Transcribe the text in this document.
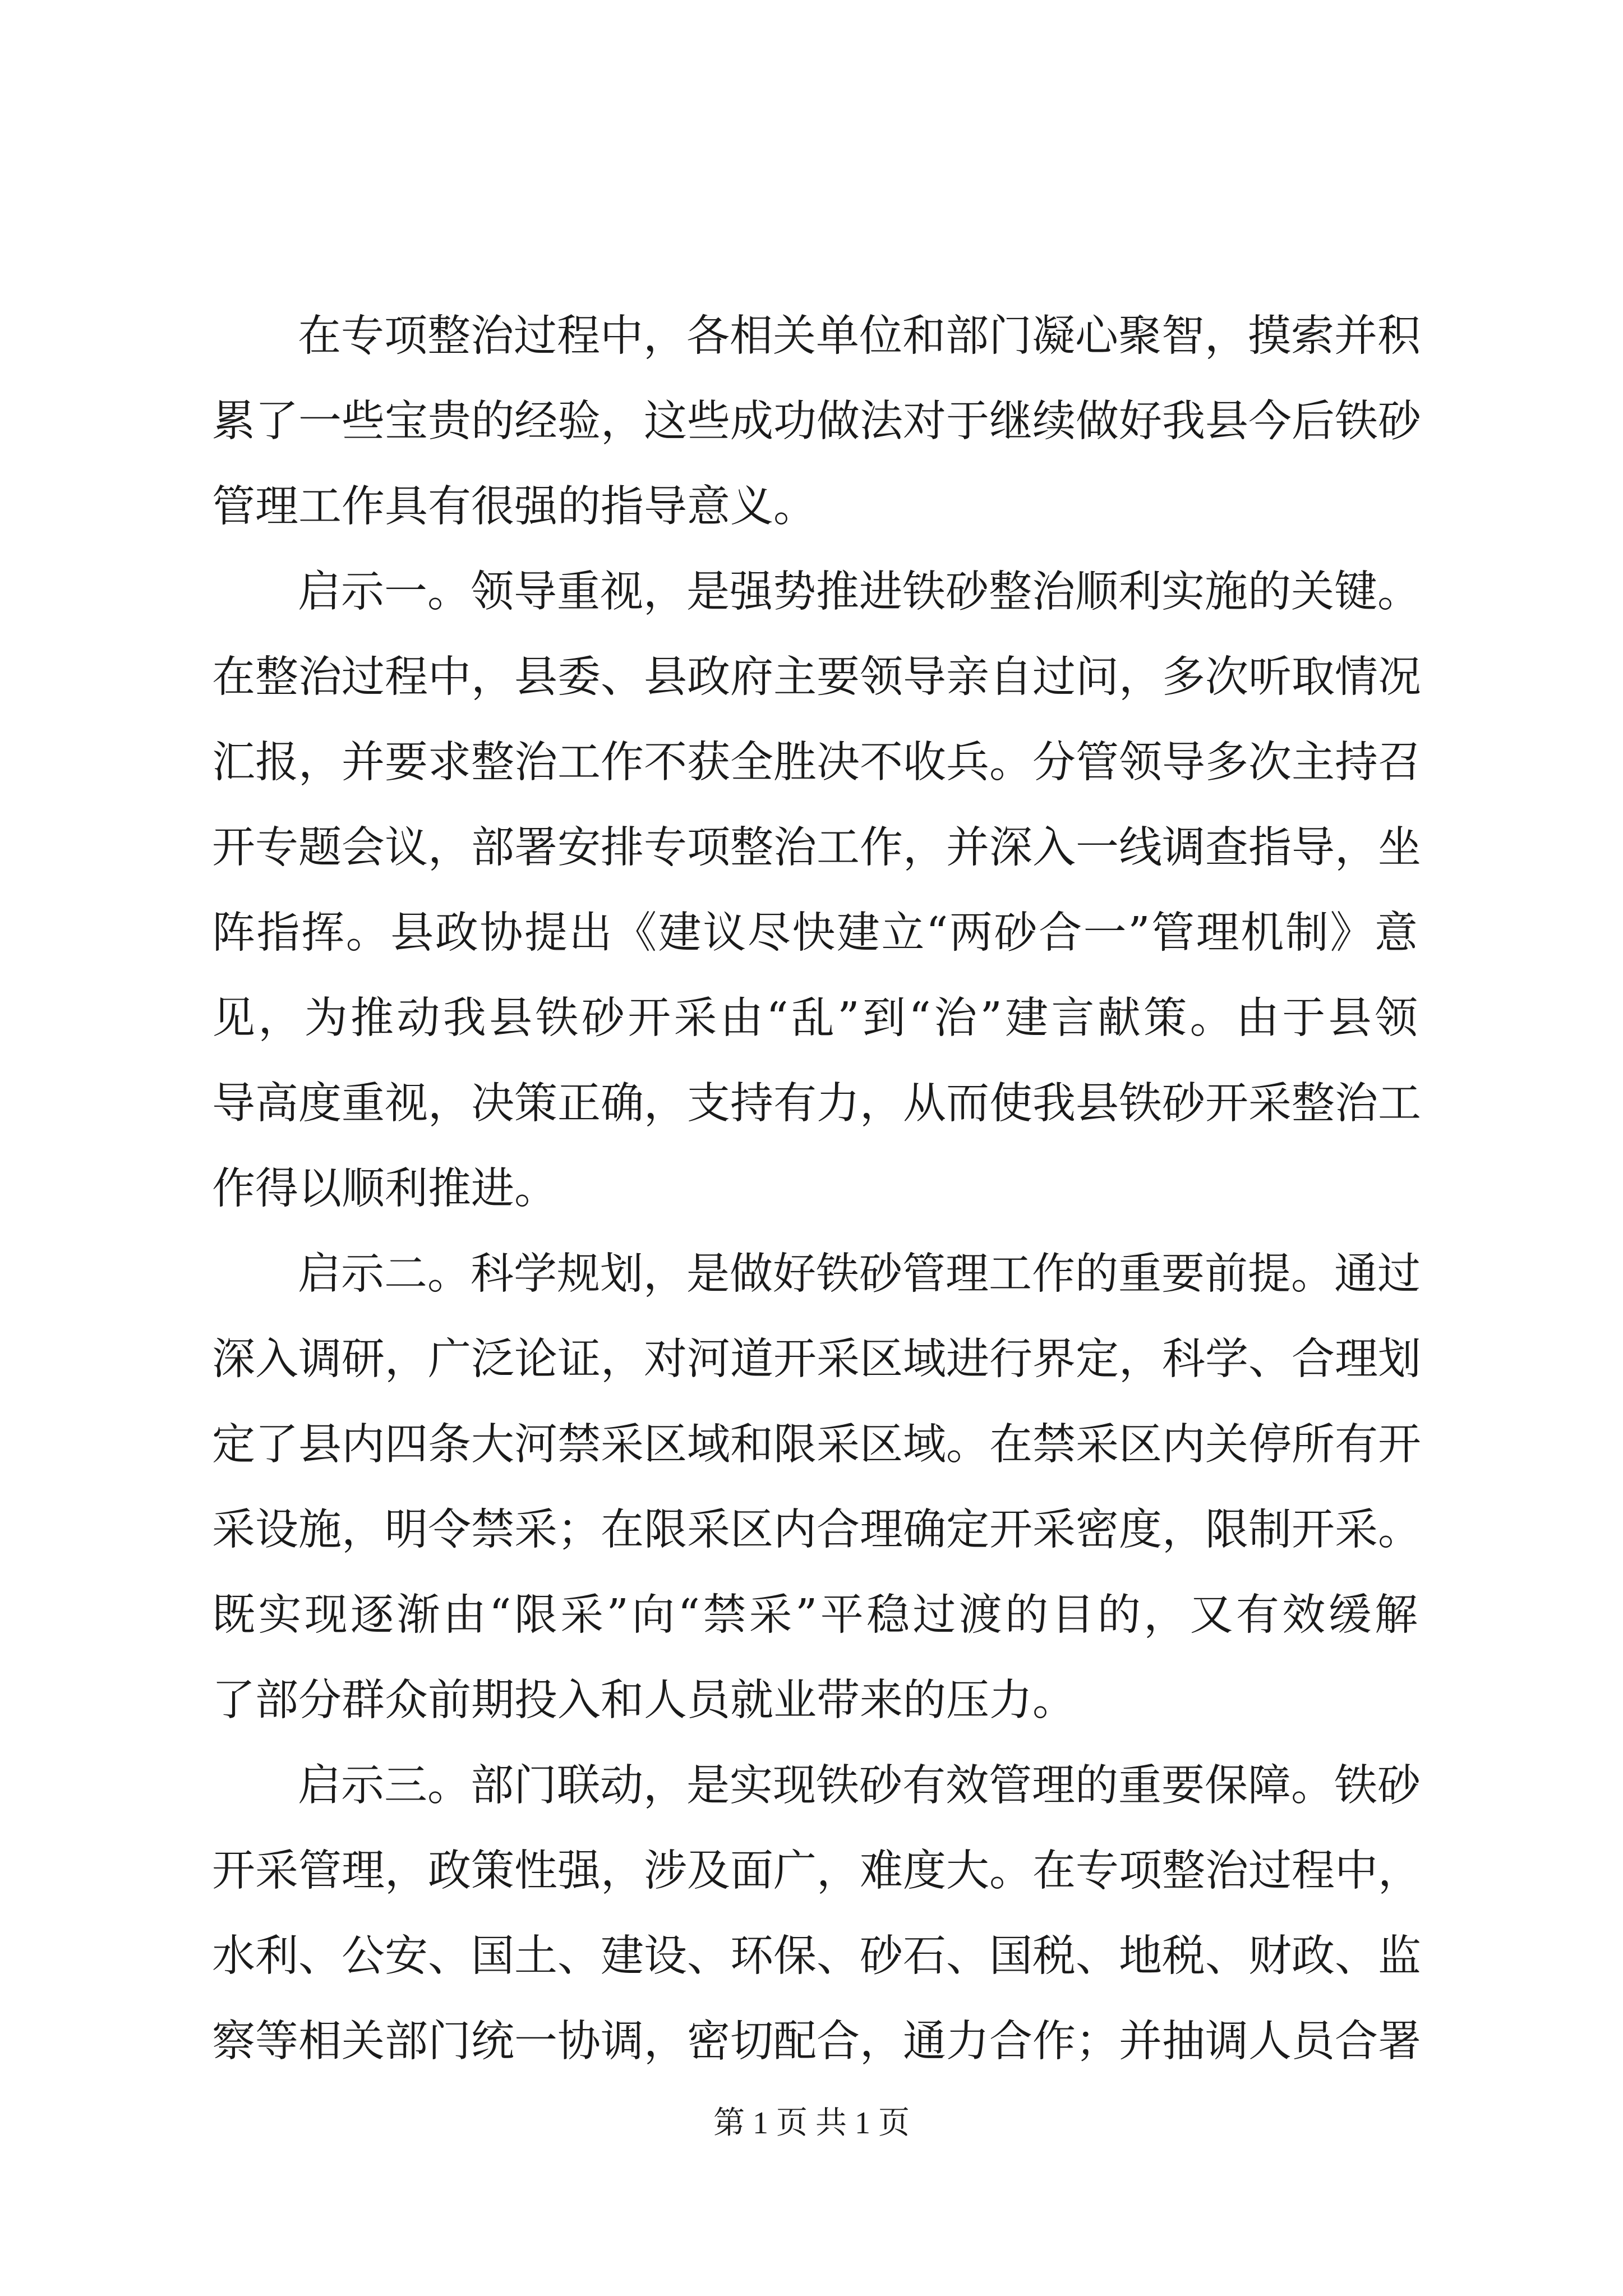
在专项整治过程中，各相关单位和部门凝心聚智，摸索并积
累了一些宝贵的经验，这些成功做法对于继续做好我县今后铁砂
管理工作具有很强的指导意义。
启示一。领导重视，是强势推进铁砂整治顺利实施的关键。
在整治过程中，县委、县政府主要领导亲自过问，多次听取情况
汇报，并要求整治工作不获全胜决不收兵。分管领导多次主持召
开专题会议，部署安排专项整治工作，并深入一线调查指导，坐
阵指挥。县政协提出《建议尽快建立“两砂合一”管理机制》意
见，为推动我县铁砂开采由“乱”到“治”建言献策。由于县领
导高度重视，决策正确，支持有力，从而使我县铁砂开采整治工
作得以顺利推进。
启示二。科学规划，是做好铁砂管理工作的重要前提。通过
深入调研，广泛论证，对河道开采区域进行界定，科学、合理划
定了县内四条大河禁采区域和限采区域。在禁采区内关停所有开
采设施，明令禁采；在限采区内合理确定开采密度，限制开采。
既实现逐渐由“限采”向“禁采”平稳过渡的目的，又有效缓解
了部分群众前期投入和人员就业带来的压力。
启示三。部门联动，是实现铁砂有效管理的重要保障。铁砂
开采管理，政策性强，涉及面广，难度大。在专项整治过程中，
水利、公安、国土、建设、环保、砂石、国税、地税、财政、监
察等相关部门统一协调，密切配合，通力合作；并抽调人员合署
第 1 页 共 1 页
